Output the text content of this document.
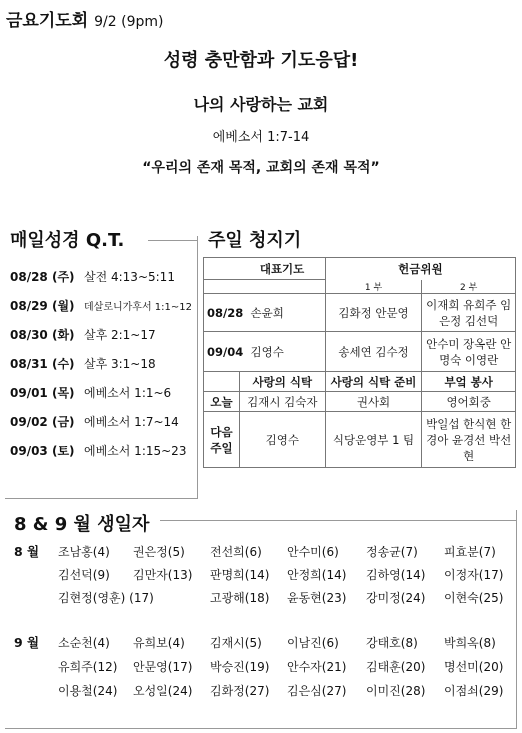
금요기도회 9/2 (9pm)
성령 충만함과 기도응답!
나의 사랑하는 교회
에베소서 1:7-14
“우리의 존재 목적, 교회의 존재 목적”
매일성경 Q.T.
08/28 (주) 살전 4:13~5:11
08/29 (월) 데살로니가후서 1:1~12
08/30 (화) 살후 2:1~17
08/31 (수) 살후 3:1~18
09/01 (목) 에베소서 1:1~6
09/02 (금) 에베소서 1:7~14
09/03 (토) 에베소서 1:15~23
주일 청지기
	대표기도	헌금위원	
		1 부	2 부
08/28 손윤희		김화정 안문영	이재희 유희주 임은정 김선덕
09/04 김영수		송세연 김수정	안수미 장옥란 안명숙 이영란
	사랑의 식탁	사랑의 식탁 준비	부엌 봉사
오늘	김재시 김숙자	권사회	영어회중
다음
주일	김영수	식당운영부 1 팀	박일섭 한식현 한경아 윤경선 박선현
8 & 9 월 생일자
8 월
9 월
조남홍(4) 권은정(5) 전선희(6) 안수미(6) 정송균(7) 피효분(7)
김선덕(9) 김만자(13) 판명희(14) 안정희(14) 김하영(14) 이정자(17)
김현정(영훈) (17)	고광해(18) 윤동현(23) 강미정(24) 이현숙(25)
소순천(4) 유희보(4) 김재시(5) 이남진(6) 강태호(8) 박희옥(8)
유희주(12) 안문영(17) 박승진(19) 안수자(21) 김태훈(20) 명선미(20)
이용철(24) 오성일(24) 김화정(27) 김은심(27) 이미진(28) 이점쇠(29)
